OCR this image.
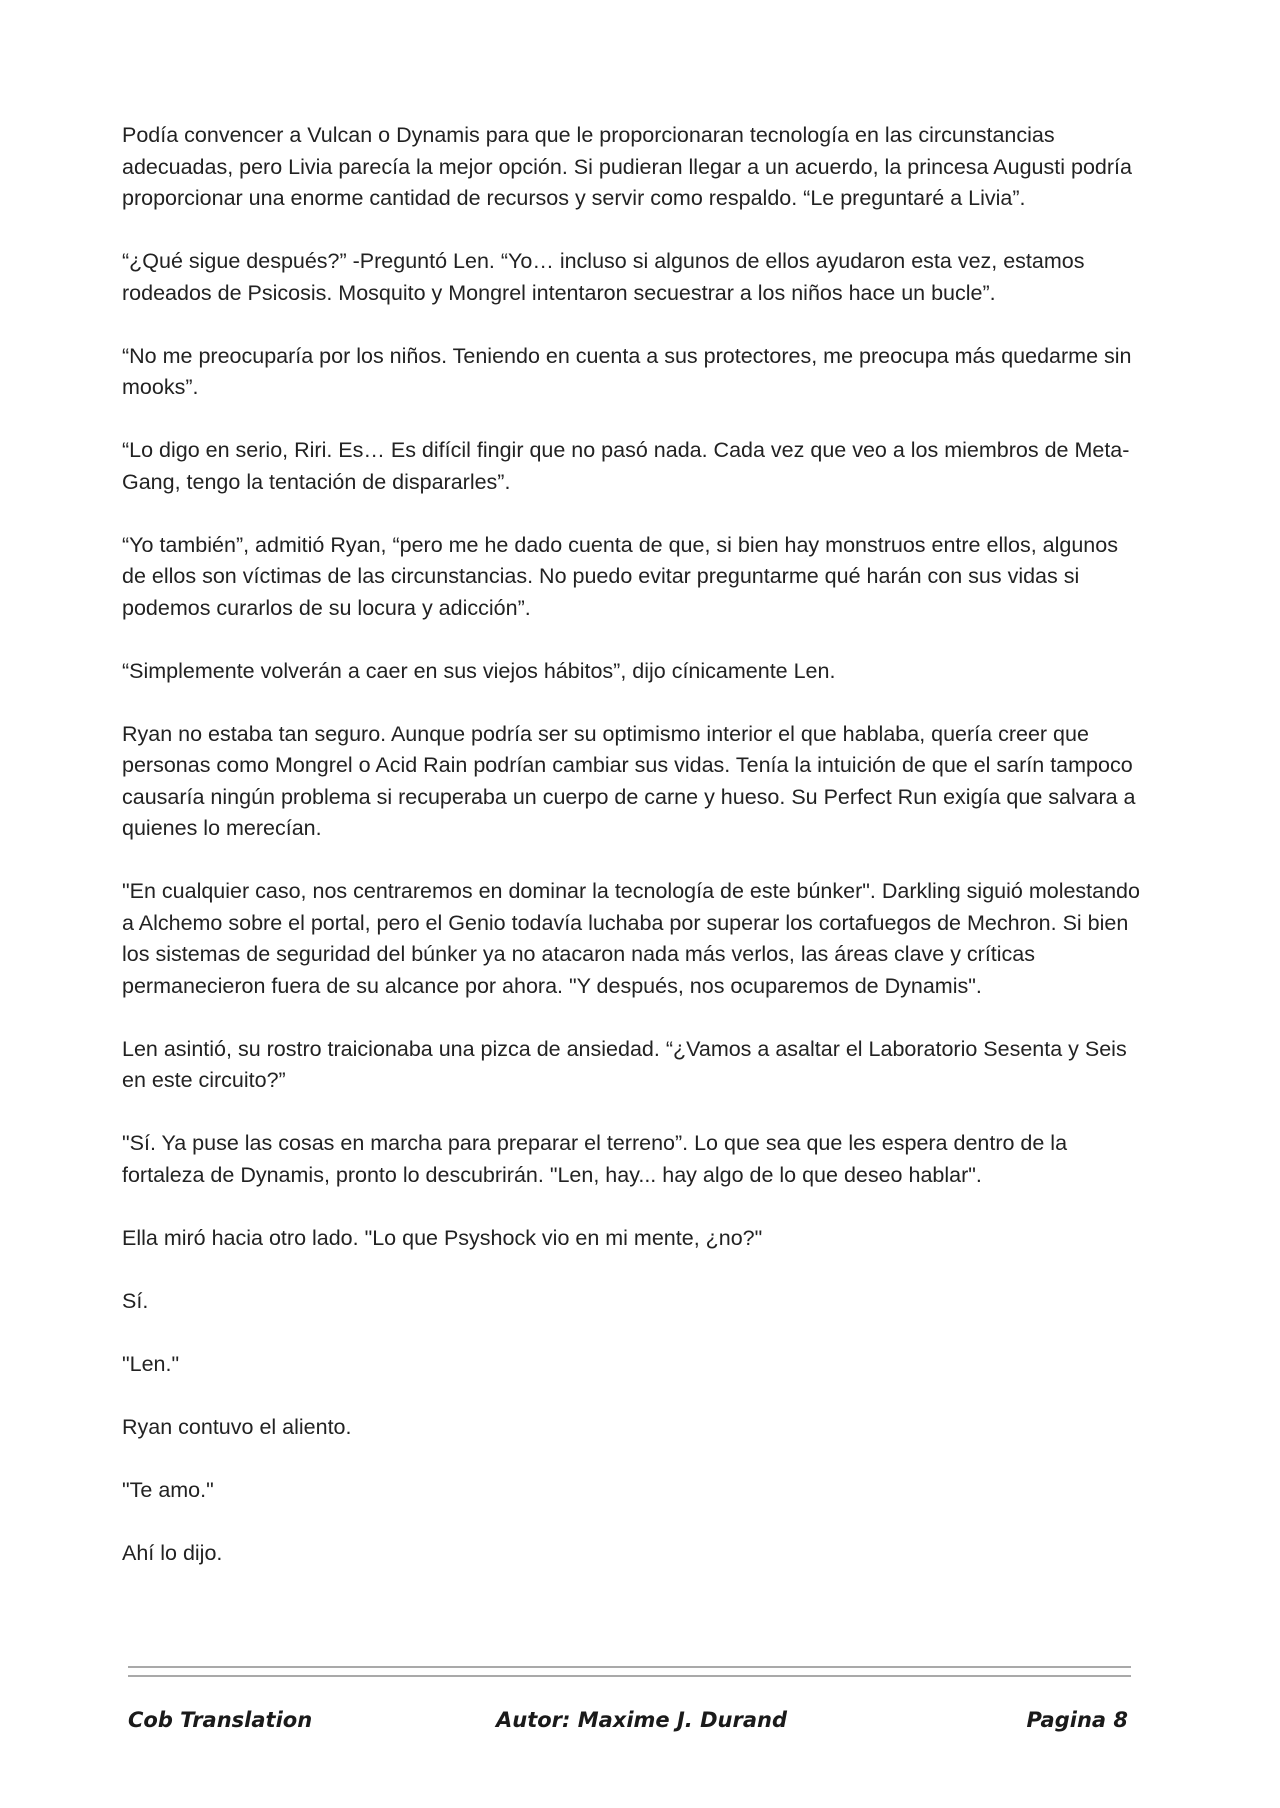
Podía convencer a Vulcan o Dynamis para que le proporcionaran tecnología en las circunstancias adecuadas, pero Livia parecía la mejor opción. Si pudieran llegar a un acuerdo, la princesa Augusti podría proporcionar una enorme cantidad de recursos y servir como respaldo. “Le preguntaré a Livia”.

“¿Qué sigue después?” -Preguntó Len. “Yo… incluso si algunos de ellos ayudaron esta vez, estamos rodeados de Psicosis. Mosquito y Mongrel intentaron secuestrar a los niños hace un bucle”.

“No me preocuparía por los niños. Teniendo en cuenta a sus protectores, me preocupa más quedarme sin mooks”.

“Lo digo en serio, Riri. Es… Es difícil fingir que no pasó nada. Cada vez que veo a los miembros de Meta-Gang, tengo la tentación de dispararles”.

“Yo también”, admitió Ryan, “pero me he dado cuenta de que, si bien hay monstruos entre ellos, algunos de ellos son víctimas de las circunstancias. No puedo evitar preguntarme qué harán con sus vidas si podemos curarlos de su locura y adicción”.

“Simplemente volverán a caer en sus viejos hábitos”, dijo cínicamente Len.

Ryan no estaba tan seguro. Aunque podría ser su optimismo interior el que hablaba, quería creer que personas como Mongrel o Acid Rain podrían cambiar sus vidas. Tenía la intuición de que el sarín tampoco causaría ningún problema si recuperaba un cuerpo de carne y hueso. Su Perfect Run exigía que salvara a quienes lo merecían.

"En cualquier caso, nos centraremos en dominar la tecnología de este búnker". Darkling siguió molestando a Alchemo sobre el portal, pero el Genio todavía luchaba por superar los cortafuegos de Mechron. Si bien los sistemas de seguridad del búnker ya no atacaron nada más verlos, las áreas clave y críticas permanecieron fuera de su alcance por ahora. "Y después, nos ocuparemos de Dynamis".

Len asintió, su rostro traicionaba una pizca de ansiedad. “¿Vamos a asaltar el Laboratorio Sesenta y Seis en este circuito?”

"Sí. Ya puse las cosas en marcha para preparar el terreno”. Lo que sea que les espera dentro de la fortaleza de Dynamis, pronto lo descubrirán. "Len, hay... hay algo de lo que deseo hablar".

Ella miró hacia otro lado. "Lo que Psyshock vio en mi mente, ¿no?"

Sí.

"Len."

Ryan contuvo el aliento.

"Te amo."

Ahí lo dijo.

Cob Translation	Autor: Maxime J. Durand	Pagina 8
